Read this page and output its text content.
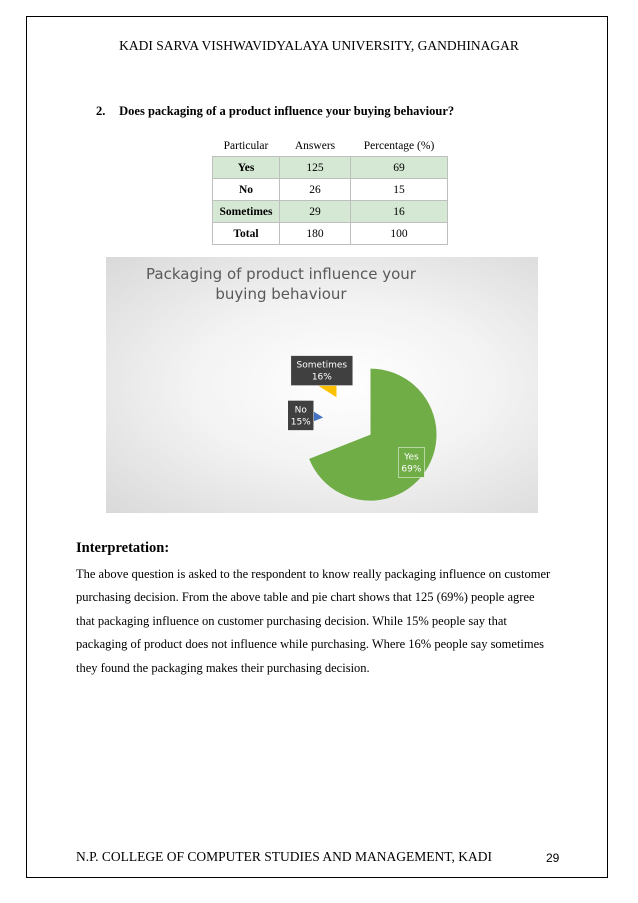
KADI SARVA VISHWAVIDYALAYA UNIVERSITY, GANDHINAGAR
2. Does packaging of a product influence your buying behaviour?
Particular	Answers	Percentage (%)
Yes	125	69
No	26	15
Sometimes	29	16
Total	180	100
Packaging of product influence your buying behaviour
Yes
69%
No
15%
Sometimes
16%
Interpretation:
The above question is asked to the respondent to know really packaging influence on customer purchasing decision. From the above table and pie chart shows that 125 (69%) people agree that packaging influence on customer purchasing decision. While 15% people say that packaging of product does not influence while purchasing. Where 16% people say sometimes they found the packaging makes their purchasing decision.
N.P. COLLEGE OF COMPUTER STUDIES AND MANAGEMENT, KADI	29
